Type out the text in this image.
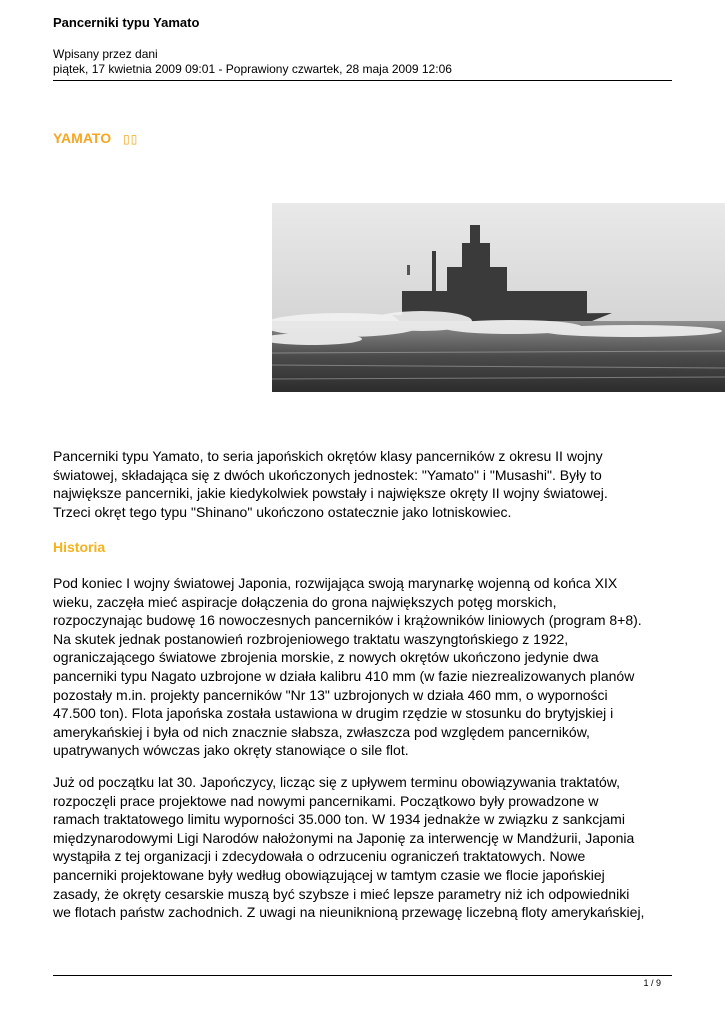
Pancerniki typu Yamato
Wpisany przez dani
piątek, 17 kwietnia 2009 09:01 - Poprawiony czwartek, 28 maja 2009 12:06
YAMATO ▯▯
Pancerniki typu Yamato, to seria japońskich okrętów klasy pancerników z okresu II wojny
światowej, składająca się z dwóch ukończonych jednostek: "Yamato" i "Musashi". Były to
największe pancerniki, jakie kiedykolwiek powstały i największe okręty II wojny światowej.
Trzeci okręt tego typu "Shinano" ukończono ostatecznie jako lotniskowiec.
Historia
Pod koniec I wojny światowej Japonia, rozwijająca swoją marynarkę wojenną od końca XIX
wieku, zaczęła mieć aspiracje dołączenia do grona największych potęg morskich,
rozpoczynając budowę 16 nowoczesnych pancerników i krążowników liniowych (program 8+8).
Na skutek jednak postanowień rozbrojeniowego traktatu waszyngtońskiego z 1922,
ograniczającego światowe zbrojenia morskie, z nowych okrętów ukończono jedynie dwa
pancerniki typu Nagato uzbrojone w działa kalibru 410 mm (w fazie niezrealizowanych planów
pozostały m.in. projekty pancerników "Nr 13" uzbrojonych w działa 460 mm, o wyporności
47.500 ton). Flota japońska została ustawiona w drugim rzędzie w stosunku do brytyjskiej i
amerykańskiej i była od nich znacznie słabsza, zwłaszcza pod względem pancerników,
upatrywanych wówczas jako okręty stanowiące o sile flot.
Już od początku lat 30. Japończycy, licząc się z upływem terminu obowiązywania traktatów,
rozpoczęli prace projektowe nad nowymi pancernikami. Początkowo były prowadzone w
ramach traktatowego limitu wyporności 35.000 ton. W 1934 jednakże w związku z sankcjami
międzynarodowymi Ligi Narodów nałożonymi na Japonię za interwencję w Mandżurii, Japonia
wystąpiła z tej organizacji i zdecydowała o odrzuceniu ograniczeń traktatowych. Nowe
pancerniki projektowane były według obowiązującej w tamtym czasie we flocie japońskiej
zasady, że okręty cesarskie muszą być szybsze i mieć lepsze parametry niż ich odpowiedniki
we flotach państw zachodnich. Z uwagi na nieuniknioną przewagę liczebną floty amerykańskiej,
1 / 9
